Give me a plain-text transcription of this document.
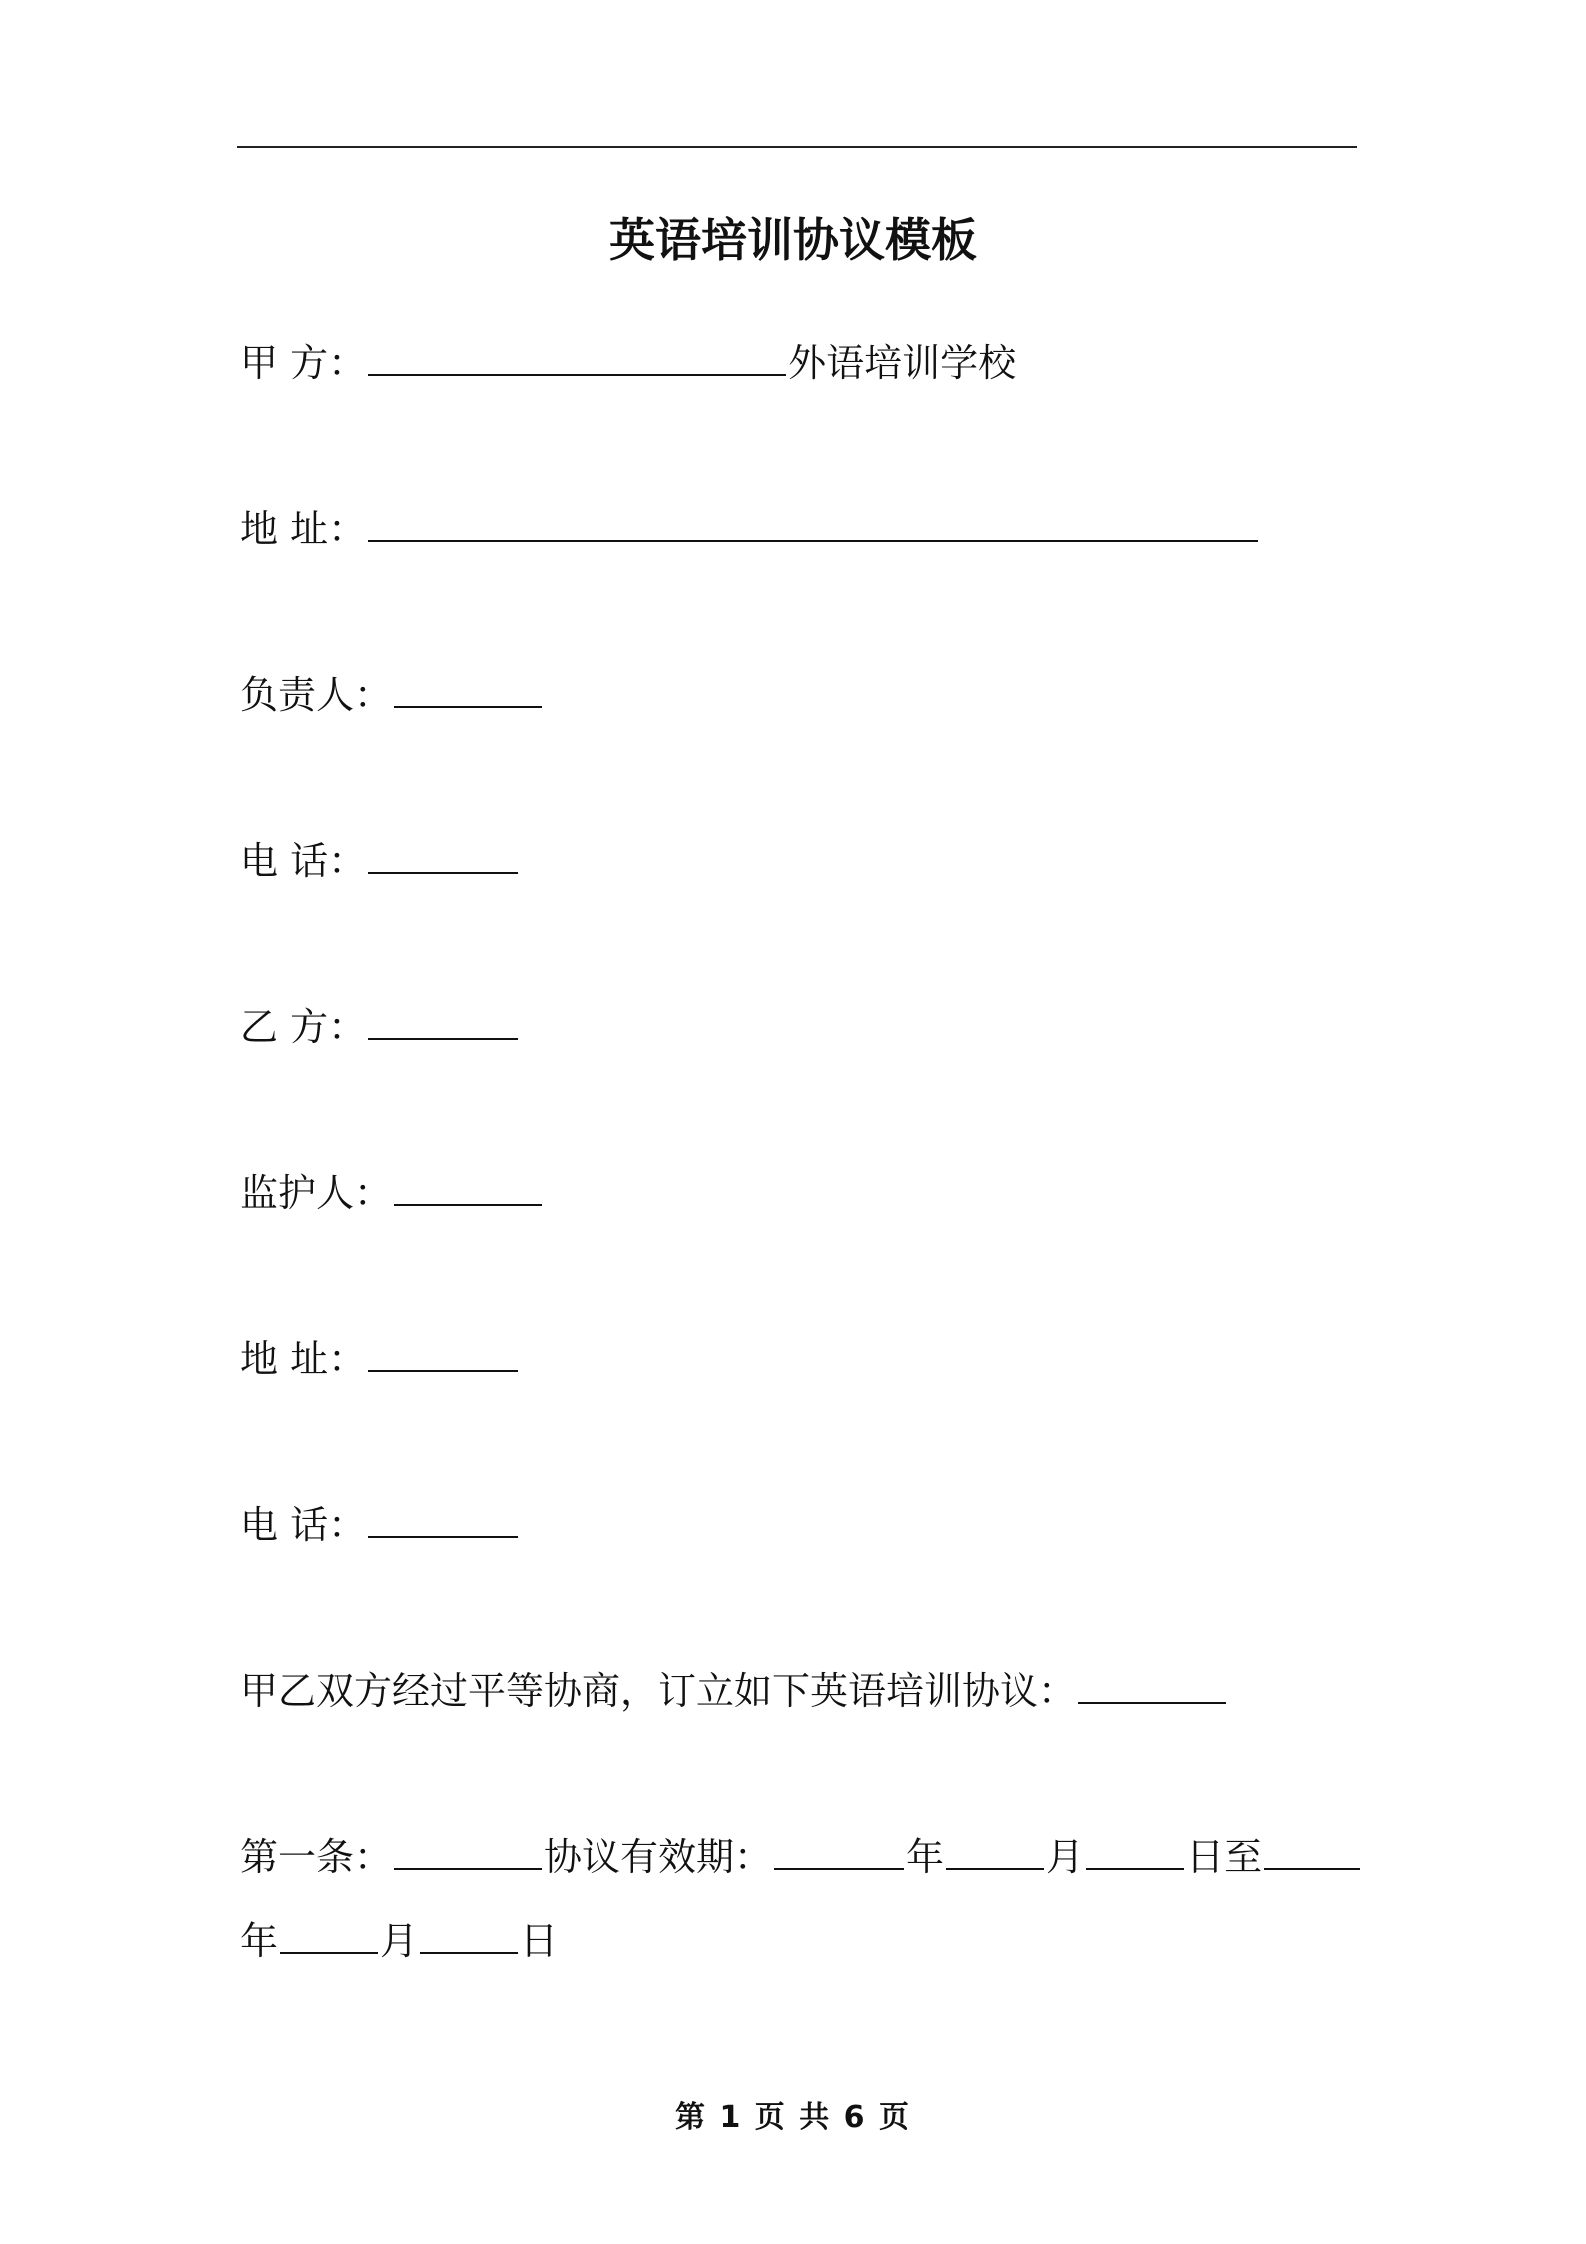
英语培训协议模板
甲 方：	外语培训学校
地 址：
负责人：
电 话：
乙 方：
监护人：
地 址：
电 话：
甲乙双方经过平等协商，订立如下英语培训协议：
第一条：	协议有效期：	年	月	日至
年	月	日
第 1 页 共 6 页
